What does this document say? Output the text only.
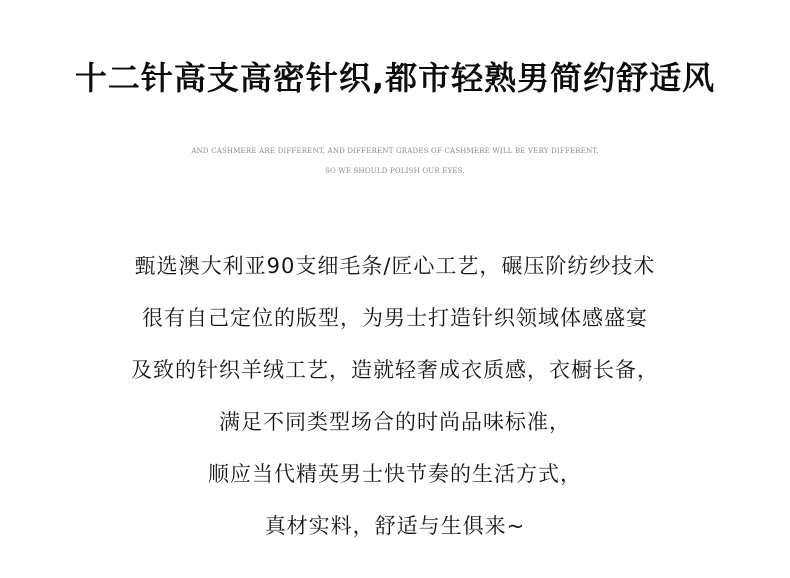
十二针高支高密针织,都市轻熟男简约舒适风

AND CASHMERE ARE DIFFERENT, AND DIFFERENT GRADES OF CASHMERE WILL BE VERY DIFFERENT,

SO WE SHOULD POLISH OUR EYES.

甄选澳大利亚90支细毛条/匠心工艺，碾压阶纺纱技术
很有自己定位的版型，为男士打造针织领域体感盛宴
及致的针织羊绒工艺，造就轻奢成衣质感，衣橱长备，
满足不同类型场合的时尚品味标准，
顺应当代精英男士快节奏的生活方式，
真材实料，舒适与生俱来~
